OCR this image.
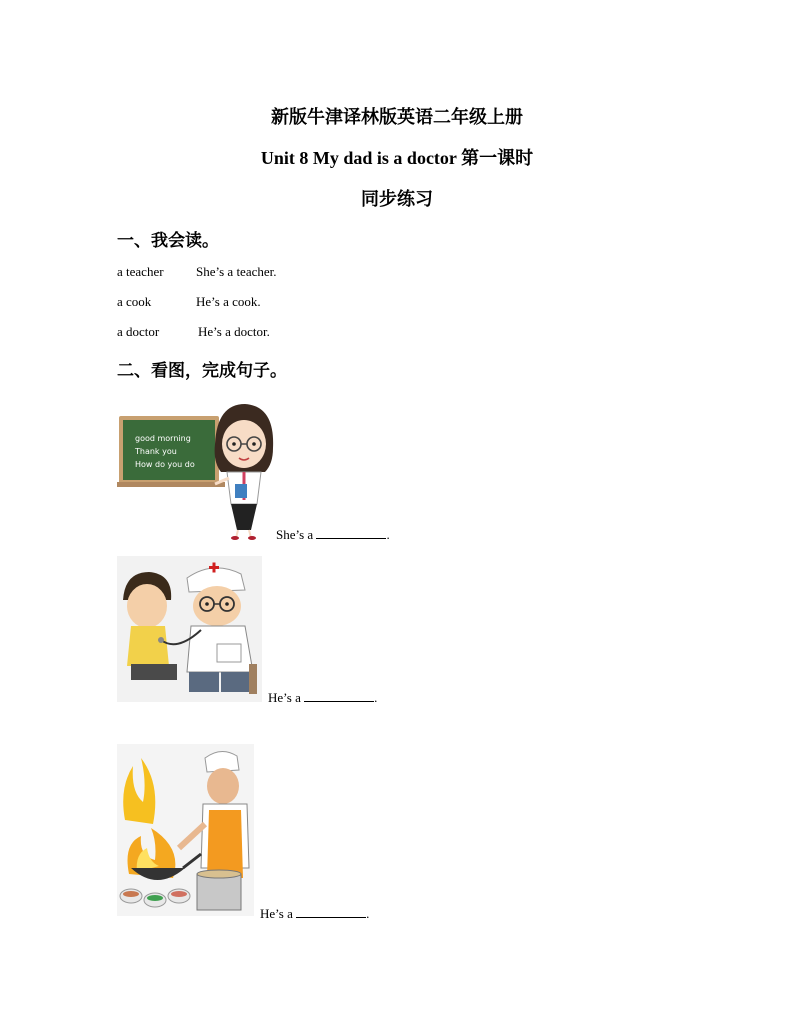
新版牛津译林版英语二年级上册
Unit 8 My dad is a doctor 第一课时
同步练习
一、我会读。
a teacher She’s a teacher.
a cook	He’s a cook.
a doctor	He’s a doctor.
二、看图，完成句子。
good morning
Thank you
How do you do
She’s a	.
He’s a	.
He’s a	.
